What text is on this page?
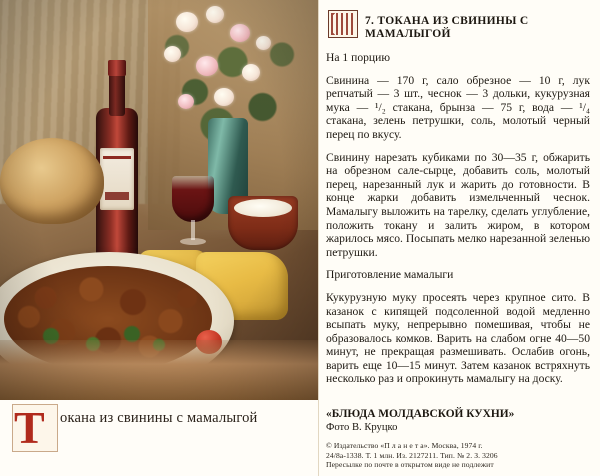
Т	окана из свинины с мамалыгой
7. ТОКАНА ИЗ СВИНИНЫ С МАМАЛЫГОЙ

На 1 порцию

Свинина — 170 г, сало обрезное — 10 г, лук репчатый — 3 шт., чеснок — 3 дольки, кукурузная мука — ¹/₂ стакана, брынза — 75 г, вода — ¹/₄ стакана, зелень петрушки, соль, молотый черный перец по вкусу.

Свинину нарезать кубиками по 30—35 г, обжарить на обрезном сале-сырце, добавить соль, молотый перец, нарезанный лук и жарить до готовности. В конце жарки добавить измельченный чеснок. Мамалыгу выложить на тарелку, сделать углубление, положить токану и залить жиром, в котором жарилось мясо. Посыпать мелко нарезанной зеленью петрушки.

Приготовление мамалыги

Кукурузную муку просеять через крупное сито. В казанок с кипящей подсоленной водой медленно всыпать муку, непрерывно помешивая, чтобы не образовалось комков. Варить на слабом огне 40—50 минут, не прекращая размешивать. Ослабив огонь, варить еще 10—15 минут. Затем казанок встряхнуть несколько раз и опрокинуть мамалыгу на доску.

«БЛЮДА МОЛДАВСКОЙ КУХНИ»
Фото В. Круцко
© Издательство «П л а н е т а». Москва, 1974 г.
24/8а-1338. Т. 1 млн. Из. 2127211. Тип. № 2. З. 3206
Пересылке по почте в открытом виде не подлежит
